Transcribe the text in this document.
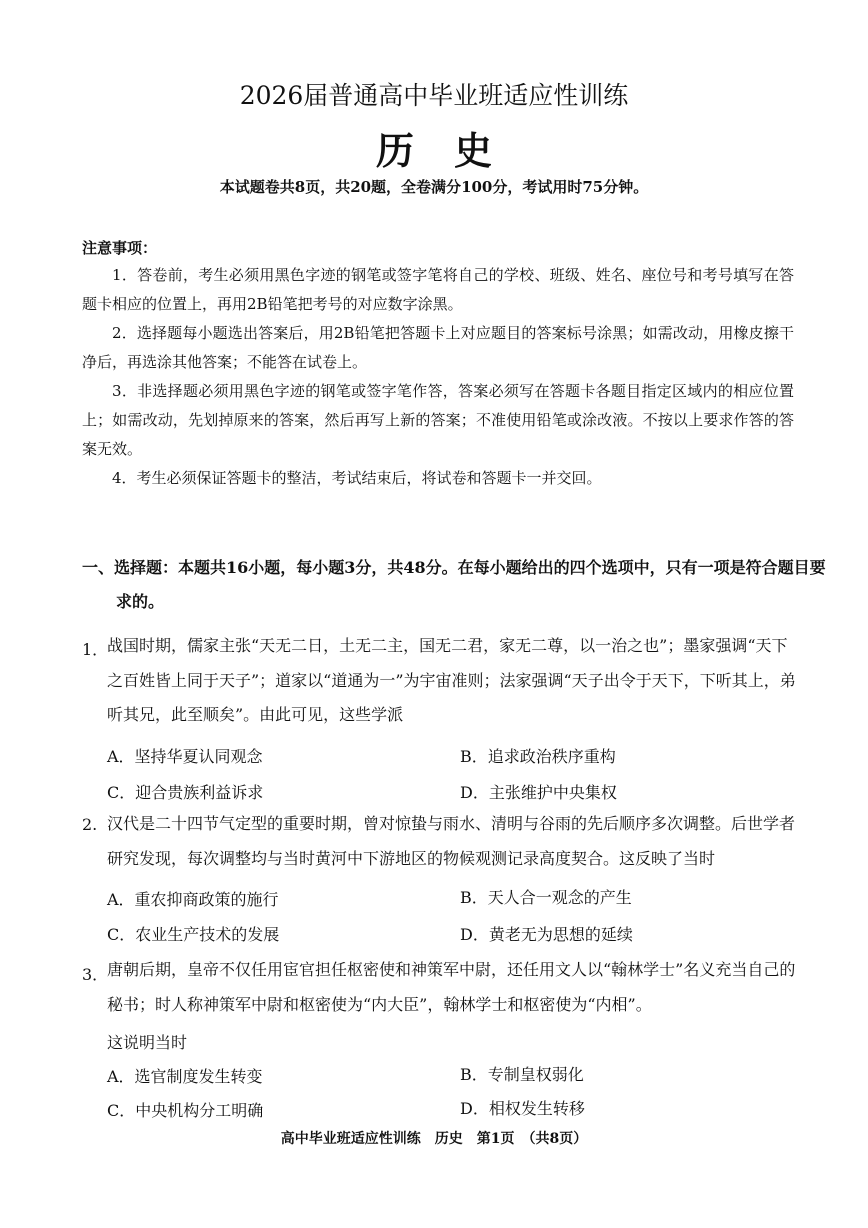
2026届普通高中毕业班适应性训练
历史
本试题卷共8页，共20题，全卷满分100分，考试用时75分钟。
注意事项：
1．答卷前，考生必须用黑色字迹的钢笔或签字笔将自己的学校、班级、姓名、座位号和考号填写在答题卡相应的位置上，再用2B铅笔把考号的对应数字涂黑。
2．选择题每小题选出答案后，用2B铅笔把答题卡上对应题目的答案标号涂黑；如需改动，用橡皮擦干净后，再选涂其他答案；不能答在试卷上。
3．非选择题必须用黑色字迹的钢笔或签字笔作答，答案必须写在答题卡各题目指定区域内的相应位置上；如需改动，先划掉原来的答案，然后再写上新的答案；不准使用铅笔或涂改液。不按以上要求作答的答案无效。
4．考生必须保证答题卡的整洁，考试结束后，将试卷和答题卡一并交回。
一、选择题：本题共16小题，每小题3分，共48分。在每小题给出的四个选项中，只有一项是符合题目要求的。
1．
战国时期，儒家主张“天无二日，土无二主，国无二君，家无二尊，以一治之也”；墨家强调“天下之百姓皆上同于天子”；道家以“道通为一”为宇宙准则；法家强调“天子出令于天下，下听其上，弟听其兄，此至顺矣”。由此可见，这些学派
A．坚持华夏认同观念	B．追求政治秩序重构
C．迎合贵族利益诉求	D．主张维护中央集权
2. 汉代是二十四节气定型的重要时期，曾对惊蛰与雨水、清明与谷雨的先后顺序多次调整。后世学者研究发现，每次调整均与当时黄河中下游地区的物候观测记录高度契合。这反映了当时
A．重农抑商政策的施行	B．天人合一观念的产生
C．农业生产技术的发展	D．黄老无为思想的延续
3．
唐朝后期，皇帝不仅任用宦官担任枢密使和神策军中尉，还任用文人以“翰林学士”名义充当自己的秘书；时人称神策军中尉和枢密使为“内大臣”，翰林学士和枢密使为“内相”。
这说明当时
A．选官制度发生转变	B．专制皇权弱化
C．中央机构分工明确	D．相权发生转移
高中毕业班适应性训练　历史　第1页　（共8页）
